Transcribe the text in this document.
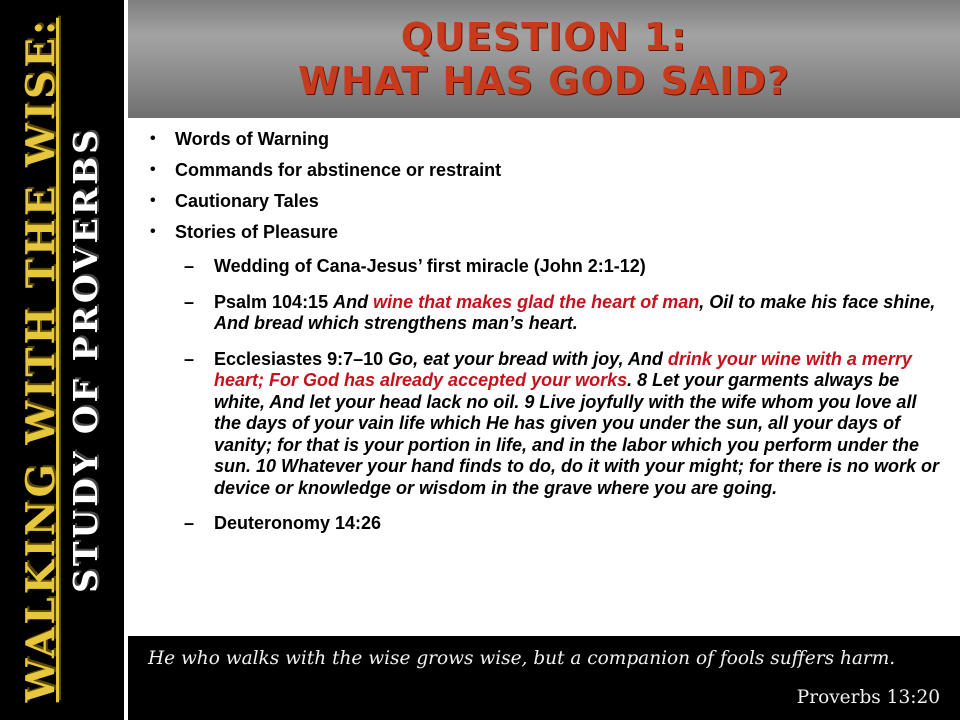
WALKING WITH THE WISE: STUDY OF PROVERBS
QUESTION 1:
WHAT HAS GOD SAID?
• Words of Warning
• Commands for abstinence or restraint
• Cautionary Tales
• Stories of Pleasure
– Wedding of Cana-Jesus’ first miracle (John 2:1-12)
– Psalm 104:15 And wine that makes glad the heart of man, Oil to make his face shine, And bread which strengthens man’s heart.
– Ecclesiastes 9:7–10 Go, eat your bread with joy, And drink your wine with a merry heart; For God has already accepted your works. 8 Let your garments always be white, And let your head lack no oil. 9 Live joyfully with the wife whom you love all the days of your vain life which He has given you under the sun, all your days of vanity; for that is your portion in life, and in the labor which you perform under the sun. 10 Whatever your hand finds to do, do it with your might; for there is no work or device or knowledge or wisdom in the grave where you are going.
– Deuteronomy 14:26
He who walks with the wise grows wise, but a companion of fools suffers harm.
Proverbs 13:20
